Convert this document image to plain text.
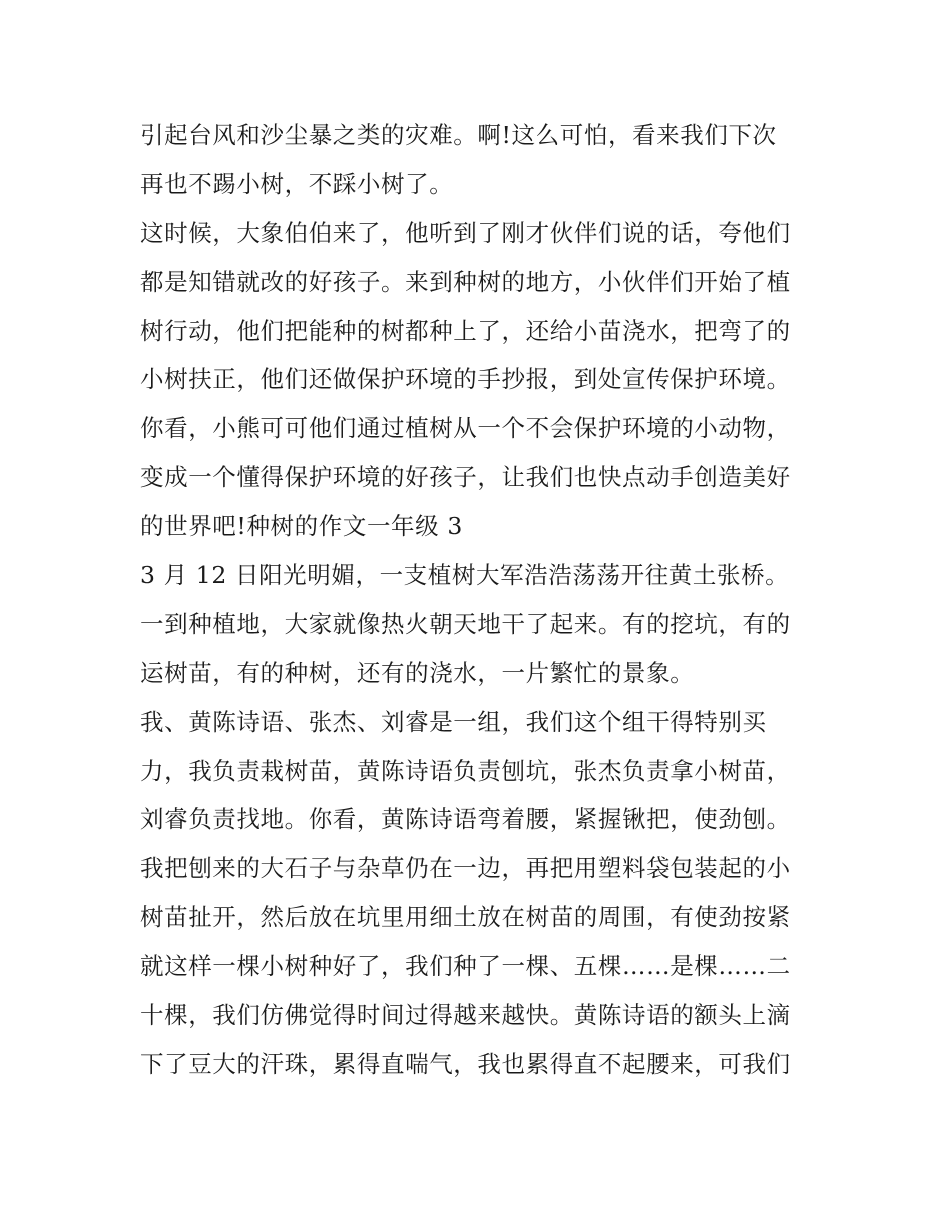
引起台风和沙尘暴之类的灾难。啊!这么可怕，看来我们下次
再也不踢小树，不踩小树了。
这时候，大象伯伯来了，他听到了刚才伙伴们说的话，夸他们
都是知错就改的好孩子。来到种树的地方，小伙伴们开始了植
树行动，他们把能种的树都种上了，还给小苗浇水，把弯了的
小树扶正，他们还做保护环境的手抄报，到处宣传保护环境。
你看，小熊可可他们通过植树从一个不会保护环境的小动物，
变成一个懂得保护环境的好孩子，让我们也快点动手创造美好
的世界吧!种树的作文一年级 3
3 月 12 日阳光明媚，一支植树大军浩浩荡荡开往黄土张桥。
一到种植地，大家就像热火朝天地干了起来。有的挖坑，有的
运树苗，有的种树，还有的浇水，一片繁忙的景象。
我、黄陈诗语、张杰、刘睿是一组，我们这个组干得特别买
力，我负责栽树苗，黄陈诗语负责刨坑，张杰负责拿小树苗，
刘睿负责找地。你看，黄陈诗语弯着腰，紧握锹把，使劲刨。
我把刨来的大石子与杂草仍在一边，再把用塑料袋包装起的小
树苗扯开，然后放在坑里用细土放在树苗的周围，有使劲按紧
就这样一棵小树种好了，我们种了一棵、五棵……是棵……二
十棵，我们仿佛觉得时间过得越来越快。黄陈诗语的额头上滴
下了豆大的汗珠，累得直喘气，我也累得直不起腰来，可我们
